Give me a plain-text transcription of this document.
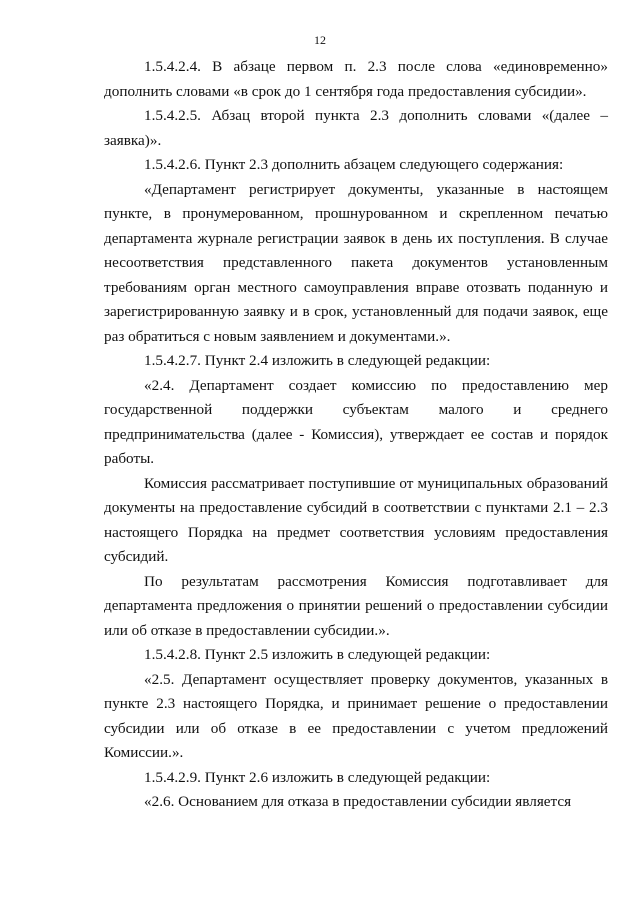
12

1.5.4.2.4. В абзаце первом п. 2.3 после слова «единовременно» дополнить словами «в срок до 1 сентября года предоставления субсидии».

1.5.4.2.5. Абзац второй пункта 2.3 дополнить словами «(далее – заявка)».

1.5.4.2.6. Пункт 2.3 дополнить абзацем следующего содержания:

«Департамент регистрирует документы, указанные в настоящем пункте, в пронумерованном, прошнурованном и скрепленном печатью департамента журнале регистрации заявок в день их поступления. В случае несоответствия представленного пакета документов установленным требованиям орган местного самоуправления вправе отозвать поданную и зарегистрированную заявку и в срок, установленный для подачи заявок, еще раз обратиться с новым заявлением и документами.».

1.5.4.2.7. Пункт 2.4 изложить в следующей редакции:

«2.4. Департамент создает комиссию по предоставлению мер государственной поддержки субъектам малого и среднего предпринимательства (далее - Комиссия), утверждает ее состав и порядок работы.

Комиссия рассматривает поступившие от муниципальных образований документы на предоставление субсидий в соответствии с пунктами 2.1 – 2.3 настоящего Порядка на предмет соответствия условиям предоставления субсидий.

По результатам рассмотрения Комиссия подготавливает для департамента предложения о принятии решений о предоставлении субсидии или об отказе в предоставлении субсидии.».

1.5.4.2.8. Пункт 2.5 изложить в следующей редакции:

«2.5. Департамент осуществляет проверку документов, указанных в пункте 2.3 настоящего Порядка, и принимает решение о предоставлении субсидии или об отказе в ее предоставлении с учетом предложений Комиссии.».

1.5.4.2.9. Пункт 2.6 изложить в следующей редакции:

«2.6. Основанием для отказа в предоставлении субсидии является
